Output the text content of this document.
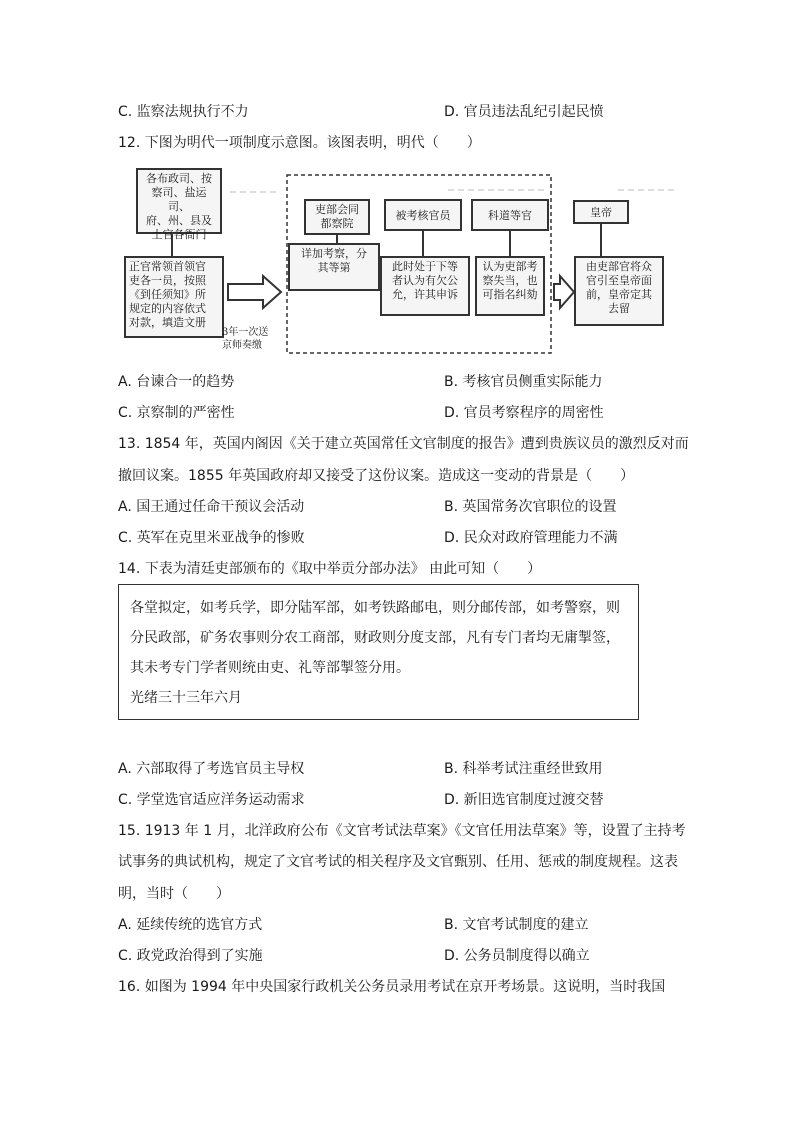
C. 监察法规执行不力	D. 官员违法乱纪引起民愤
12. 下图为明代一项制度示意图。该图表明，明代（　　）
各布政司、按
察司、盐运司、
府、州、县及
土官各衙门
正官常领首领官
吏各一员，按照
《到任须知》所
规定的内容依式
对款，填造文册
3年一次送
京师奏缴
吏部会同
都察院
详加考察，分
其等第
被考核官员
此时处于下等
者认为有欠公
允，许其申诉
科道等官
认为吏部考
察失当，也
可指名纠劾
皇帝
由吏部官将众
官引至皇帝面
前，皇帝定其
去留
A. 台谏合一的趋势	B. 考核官员侧重实际能力
C. 京察制的严密性	D. 官员考察程序的周密性
13. 1854 年，英国内阁因《关于建立英国常任文官制度的报告》遭到贵族议员的激烈反对而
撤回议案。1855 年英国政府却又接受了这份议案。造成这一变动的背景是（　　）
A. 国王通过任命干预议会活动	B. 英国常务次官职位的设置
C. 英军在克里米亚战争的惨败	D. 民众对政府管理能力不满
14. 下表为清廷吏部颁布的《取中举贡分部办法》 由此可知（　　）
各堂拟定，如考兵学，即分陆军部，如考铁路邮电，则分邮传部，如考警察，则
分民政部，矿务农事则分农工商部，财政则分度支部，凡有专门者均无庸掣签，
其未考专门学者则统由吏、礼等部掣签分用。
光绪三十三年六月
A. 六部取得了考选官员主导权	B. 科举考试注重经世致用
C. 学堂选官适应洋务运动需求	D. 新旧选官制度过渡交替
15. 1913 年 1 月，北洋政府公布《文官考试法草案》《文官任用法草案》等，设置了主持考
试事务的典试机构，规定了文官考试的相关程序及文官甄别、任用、惩戒的制度规程。这表
明，当时（　　）
A. 延续传统的选官方式	B. 文官考试制度的建立
C. 政党政治得到了实施	D. 公务员制度得以确立
16. 如图为 1994 年中央国家行政机关公务员录用考试在京开考场景。这说明，当时我国
